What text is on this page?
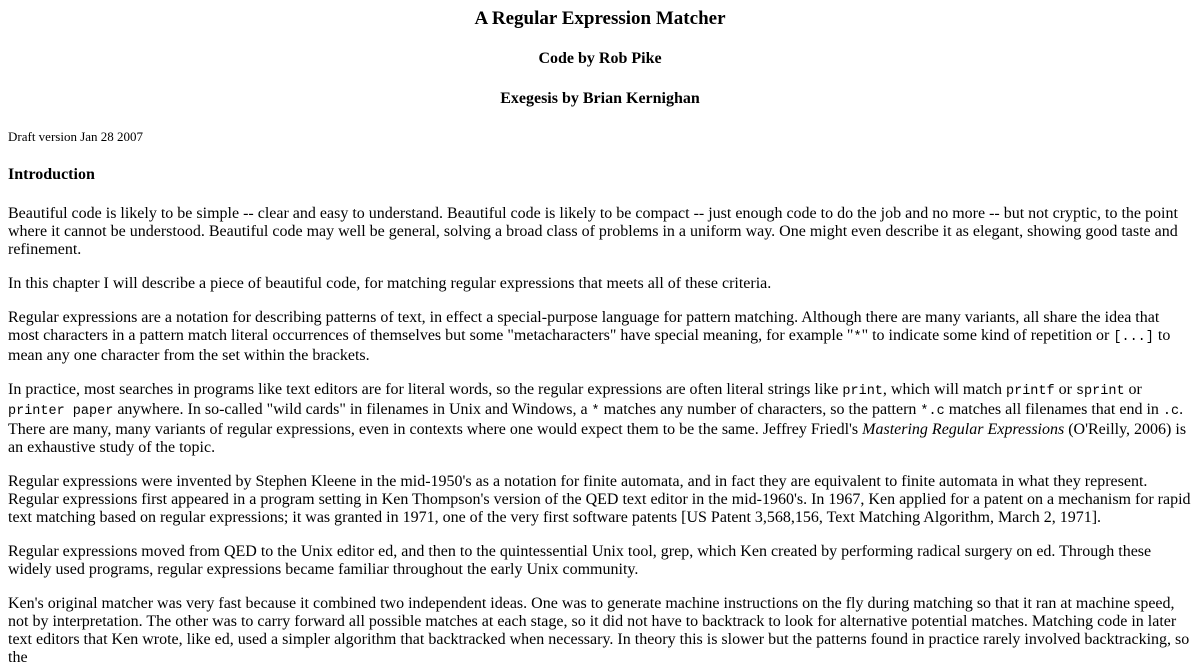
A Regular Expression Matcher
Code by Rob Pike
Exegesis by Brian Kernighan
Draft version Jan 28 2007
Introduction

Beautiful code is likely to be simple -- clear and easy to understand. Beautiful code is likely to be compact -- just enough code to do the job and no more -- but not cryptic, to the point where it cannot be understood. Beautiful code may well be general, solving a broad class of problems in a uniform way. One might even describe it as elegant, showing good taste and refinement.

In this chapter I will describe a piece of beautiful code, for matching regular expressions that meets all of these criteria.

Regular expressions are a notation for describing patterns of text, in effect a special-purpose language for pattern matching. Although there are many variants, all share the idea that most characters in a pattern match literal occurrences of themselves but some "metacharacters" have special meaning, for example "*" to indicate some kind of repetition or [...] to mean any one character from the set within the brackets.

In practice, most searches in programs like text editors are for literal words, so the regular expressions are often literal strings like print, which will match printf or sprint or printer paper anywhere. In so-called "wild cards" in filenames in Unix and Windows, a * matches any number of characters, so the pattern *.c matches all filenames that end in .c. There are many, many variants of regular expressions, even in contexts where one would expect them to be the same. Jeffrey Friedl's Mastering Regular Expressions (O'Reilly, 2006) is an exhaustive study of the topic.

Regular expressions were invented by Stephen Kleene in the mid-1950's as a notation for finite automata, and in fact they are equivalent to finite automata in what they represent. Regular expressions first appeared in a program setting in Ken Thompson's version of the QED text editor in the mid-1960's. In 1967, Ken applied for a patent on a mechanism for rapid text matching based on regular expressions; it was granted in 1971, one of the very first software patents [US Patent 3,568,156, Text Matching Algorithm, March 2, 1971].

Regular expressions moved from QED to the Unix editor ed, and then to the quintessential Unix tool, grep, which Ken created by performing radical surgery on ed. Through these widely used programs, regular expressions became familiar throughout the early Unix community.

Ken's original matcher was very fast because it combined two independent ideas. One was to generate machine instructions on the fly during matching so that it ran at machine speed, not by interpretation. The other was to carry forward all possible matches at each stage, so it did not have to backtrack to look for alternative potential matches. Matching code in later text editors that Ken wrote, like ed, used a simpler algorithm that backtracked when necessary. In theory this is slower but the patterns found in practice rarely involved backtracking, so the
